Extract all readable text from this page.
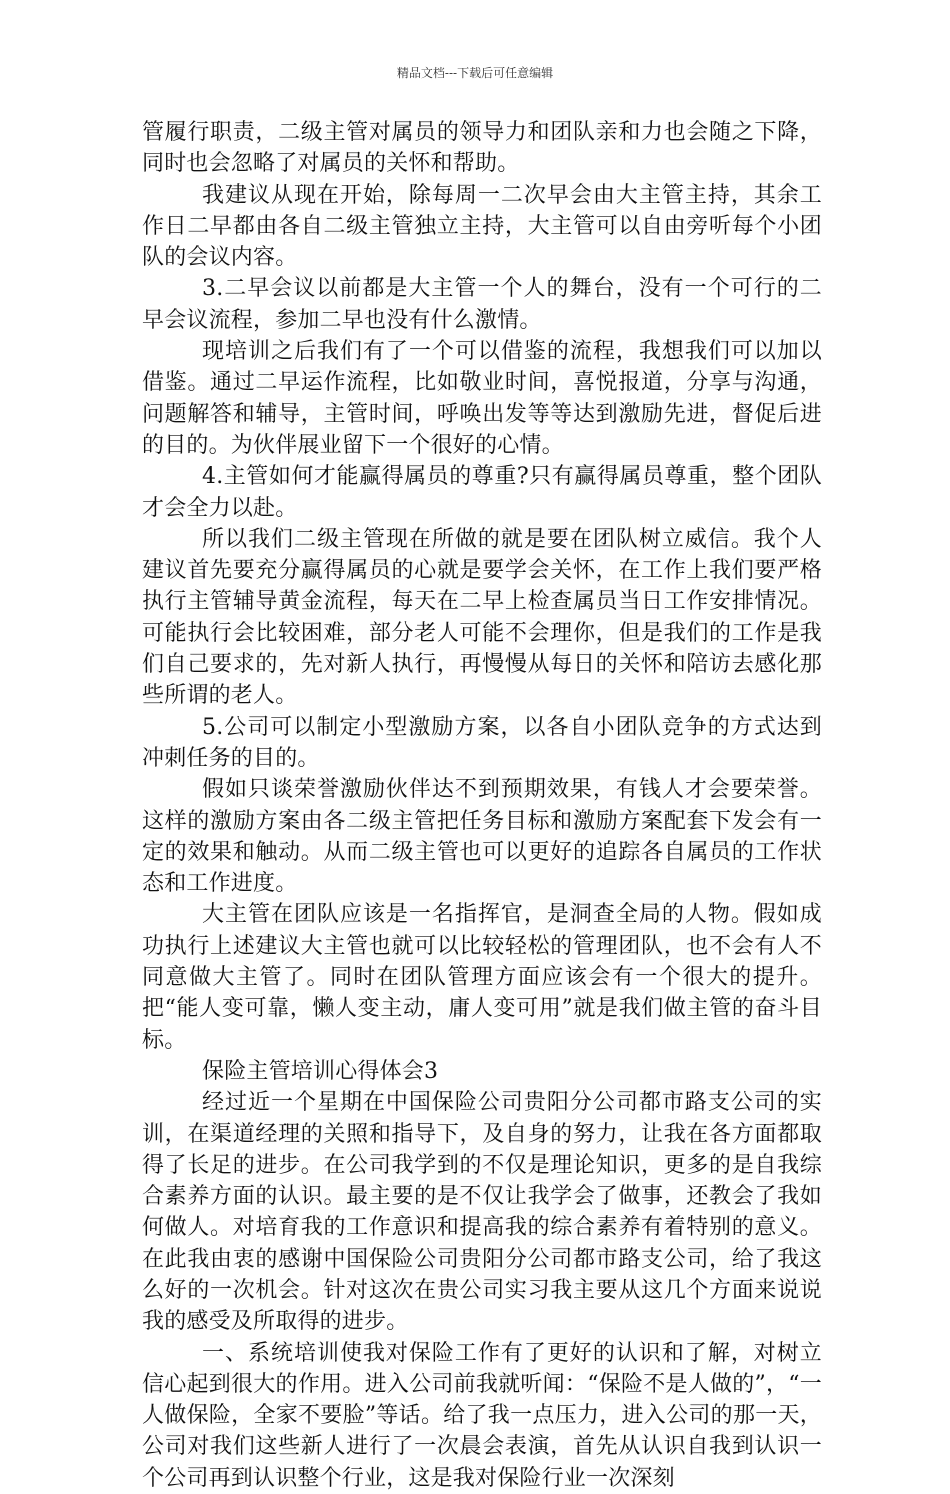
精品文档---下载后可任意编辑

管履行职责，二级主管对属员的领导力和团队亲和力也会随之下降，同时也会忽略了对属员的关怀和帮助。

我建议从现在开始，除每周一二次早会由大主管主持，其余工作日二早都由各自二级主管独立主持，大主管可以自由旁听每个小团队的会议内容。

3.二早会议以前都是大主管一个人的舞台，没有一个可行的二早会议流程，参加二早也没有什么激情。

现培训之后我们有了一个可以借鉴的流程，我想我们可以加以借鉴。通过二早运作流程，比如敬业时间，喜悦报道，分享与沟通，问题解答和辅导，主管时间，呼唤出发等等达到激励先进，督促后进的目的。为伙伴展业留下一个很好的心情。

4.主管如何才能赢得属员的尊重?只有赢得属员尊重，整个团队才会全力以赴。

所以我们二级主管现在所做的就是要在团队树立威信。我个人建议首先要充分赢得属员的心就是要学会关怀，在工作上我们要严格执行主管辅导黄金流程，每天在二早上检查属员当日工作安排情况。可能执行会比较困难，部分老人可能不会理你，但是我们的工作是我们自己要求的，先对新人执行，再慢慢从每日的关怀和陪访去感化那些所谓的老人。

5.公司可以制定小型激励方案，以各自小团队竞争的方式达到冲刺任务的目的。

假如只谈荣誉激励伙伴达不到预期效果，有钱人才会要荣誉。这样的激励方案由各二级主管把任务目标和激励方案配套下发会有一定的效果和触动。从而二级主管也可以更好的追踪各自属员的工作状态和工作进度。

大主管在团队应该是一名指挥官，是洞查全局的人物。假如成功执行上述建议大主管也就可以比较轻松的管理团队，也不会有人不同意做大主管了。同时在团队管理方面应该会有一个很大的提升。把“能人变可靠，懒人变主动，庸人变可用”就是我们做主管的奋斗目标。

保险主管培训心得体会3

经过近一个星期在中国保险公司贵阳分公司都市路支公司的实训，在渠道经理的关照和指导下，及自身的努力，让我在各方面都取得了长足的进步。在公司我学到的不仅是理论知识，更多的是自我综合素养方面的认识。最主要的是不仅让我学会了做事，还教会了我如何做人。对培育我的工作意识和提高我的综合素养有着特别的意义。在此我由衷的感谢中国保险公司贵阳分公司都市路支公司，给了我这么好的一次机会。针对这次在贵公司实习我主要从这几个方面来说说我的感受及所取得的进步。

一、系统培训使我对保险工作有了更好的认识和了解，对树立信心起到很大的作用。进入公司前我就听闻：“保险不是人做的”，“一人做保险，全家不要脸”等话。给了我一点压力，进入公司的那一天，公司对我们这些新人进行了一次晨会表演，首先从认识自我到认识一个公司再到认识整个行业，这是我对保险行业一次深刻
